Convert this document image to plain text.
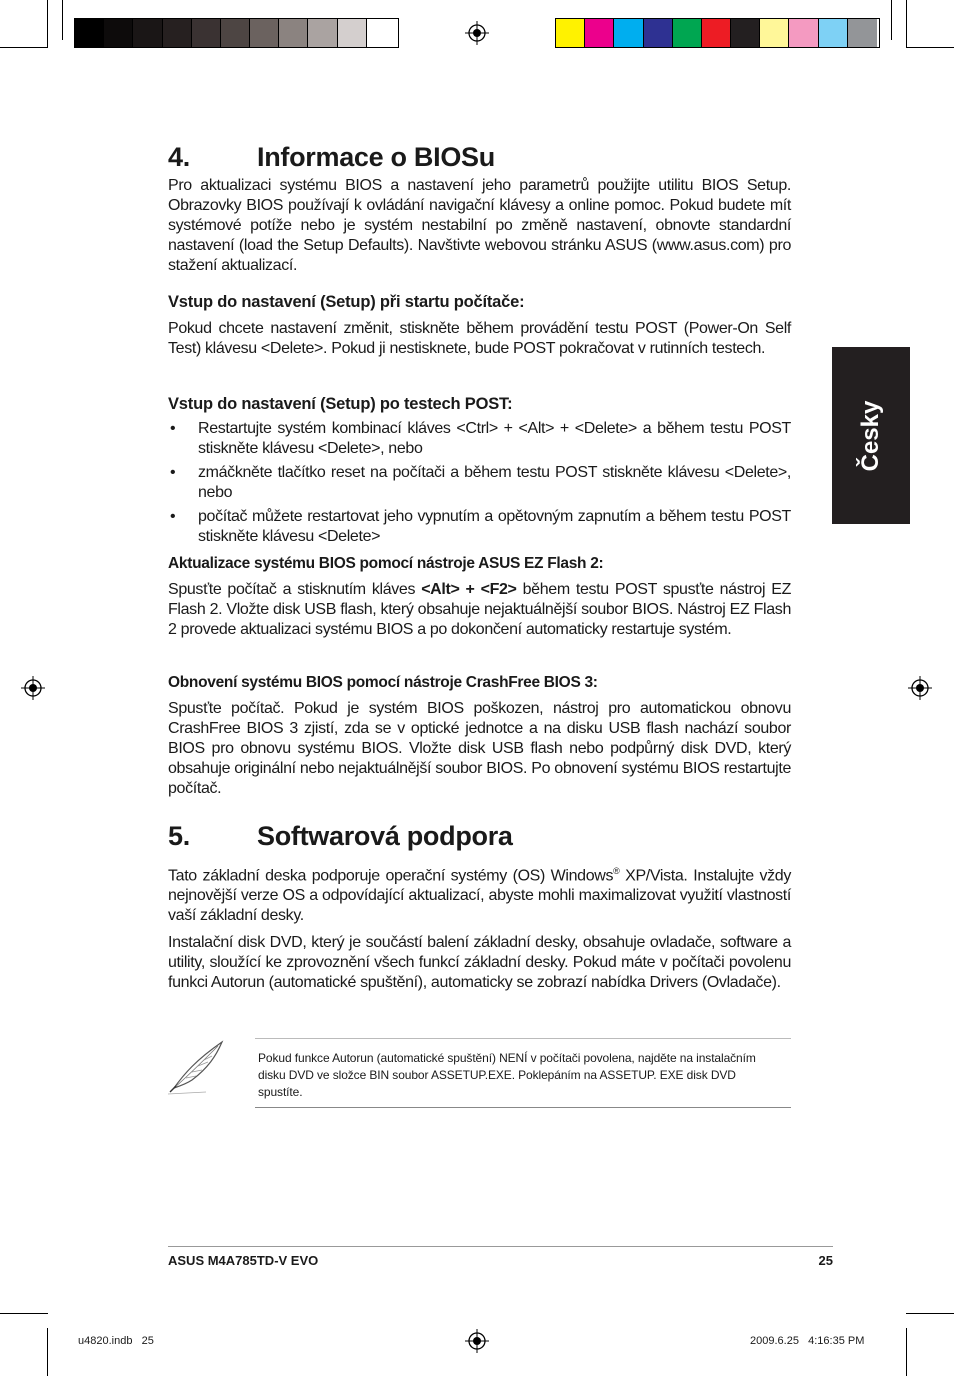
4. Informace o BIOSu

Pro aktualizaci systému BIOS a nastavení jeho parametrů použijte utilitu BIOS Setup. Obrazovky BIOS používají k ovládání navigační klávesy a online pomoc. Pokud budete mít systémové potíže nebo je systém nestabilní po změně nastavení, obnovte standardní nastavení (load the Setup Defaults). Navštivte webovou stránku ASUS (www.asus.com) pro stažení aktualizací.

Vstup do nastavení (Setup) při startu počítače:

Pokud chcete nastavení změnit, stiskněte během provádění testu POST (Power-On Self Test) klávesu <Delete>. Pokud ji nestisknete, bude POST pokračovat v rutinních testech.

Vstup do nastavení (Setup) po testech POST:
• Restartujte systém kombinací kláves <Ctrl> + <Alt> + <Delete> a během testu POST stiskněte klávesu <Delete>, nebo
• zmáčkněte tlačítko reset na počítači a během testu POST stiskněte klávesu <Delete>, nebo
• počítač můžete restartovat jeho vypnutím a opětovným zapnutím a během testu POST stiskněte klávesu <Delete>
Aktualizace systému BIOS pomocí nástroje ASUS EZ Flash 2:

Spusťte počítač a stisknutím kláves <Alt> + <F2> během testu POST spusťte nástroj EZ Flash 2. Vložte disk USB flash, který obsahuje nejaktuálnější soubor BIOS. Nástroj EZ Flash 2 provede aktualizaci systému BIOS a po dokončení automaticky restartuje systém.

Obnovení systému BIOS pomocí nástroje CrashFree BIOS 3:

Spusťte počítač. Pokud je systém BIOS poškozen, nástroj pro automatickou obnovu CrashFree BIOS 3 zjistí, zda se v optické jednotce a na disku USB flash nachází soubor BIOS pro obnovu systému BIOS. Vložte disk USB flash nebo podpůrný disk DVD, který obsahuje originální nebo nejaktuálnější soubor BIOS. Po obnovení systému BIOS restartujte počítač.

5. Softwarová podpora

Tato základní deska podporuje operační systémy (OS) Windows® XP/Vista. Instalujte vždy nejnovější verze OS a odpovídající aktualizací, abyste mohli maximalizovat využití vlastností vaší základní desky.

Instalační disk DVD, který je součástí balení základní desky, obsahuje ovladače, software a utility, sloužící ke zprovoznění všech funkcí základní desky. Pokud máte v počítači povolenu funkci Autorun (automatické spuštění), automaticky se zobrazí nabídka Drivers (Ovladače).

Pokud funkce Autorun (automatické spuštění) NENÍ v počítači povolena, najděte na instalačním disku DVD ve složce BIN soubor ASSETUP.EXE. Poklepáním na ASSETUP. EXE disk DVD spustíte.

Česky
ASUS M4A785TD-V EVO	25
u4820.indb   25	2009.6.25   4:16:35 PM
